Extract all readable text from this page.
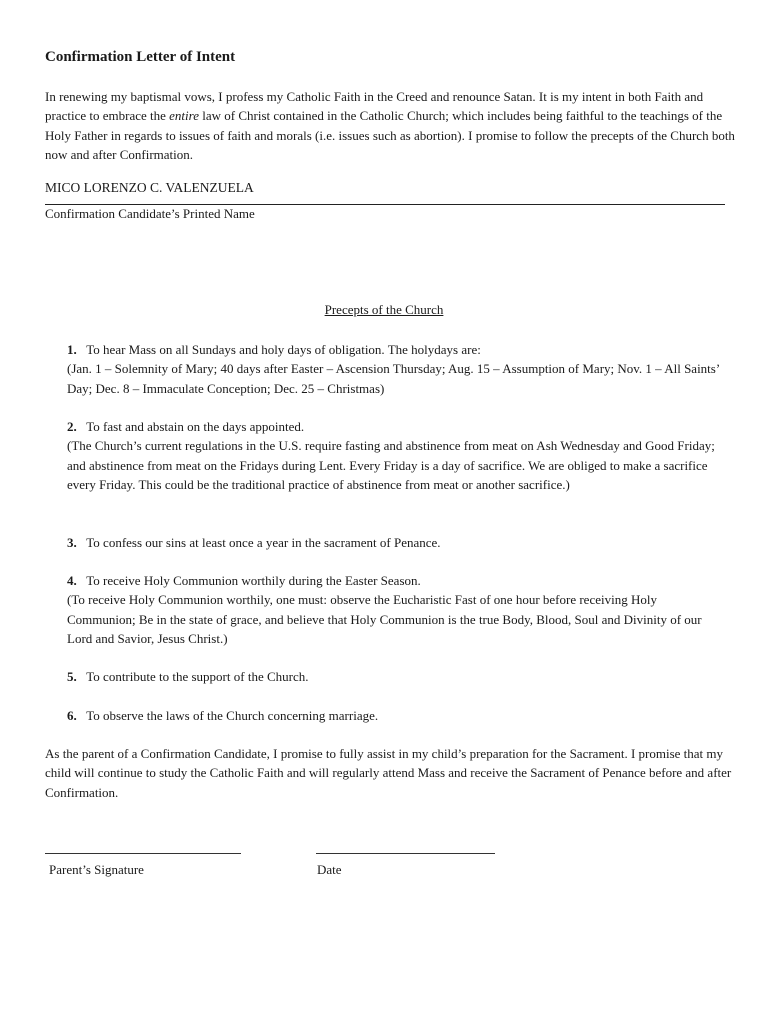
Confirmation Letter of Intent

In renewing my baptismal vows, I profess my Catholic Faith in the Creed and renounce Satan. It is my intent in both Faith and practice to embrace the entire law of Christ contained in the Catholic Church; which includes being faithful to the teachings of the Holy Father in regards to issues of faith and morals (i.e. issues such as abortion). I promise to follow the precepts of the Church both now and after Confirmation.

MICO LORENZO C. VALENZUELA
Confirmation Candidate’s Printed Name
Precepts of the Church

1. To hear Mass on all Sundays and holy days of obligation. The holydays are:
(Jan. 1 – Solemnity of Mary; 40 days after Easter – Ascension Thursday; Aug. 15 – Assumption of Mary; Nov. 1 – All Saints’ Day; Dec. 8 – Immaculate Conception; Dec. 25 – Christmas)

2. To fast and abstain on the days appointed.
(The Church’s current regulations in the U.S. require fasting and abstinence from meat on Ash Wednesday and Good Friday; and abstinence from meat on the Fridays during Lent. Every Friday is a day of sacrifice. We are obliged to make a sacrifice every Friday. This could be the traditional practice of abstinence from meat or another sacrifice.)

3. To confess our sins at least once a year in the sacrament of Penance.

4. To receive Holy Communion worthily during the Easter Season.
(To receive Holy Communion worthily, one must: observe the Eucharistic Fast of one hour before receiving Holy Communion; Be in the state of grace, and believe that Holy Communion is the true Body, Blood, Soul and Divinity of our Lord and Savior, Jesus Christ.)

5. To contribute to the support of the Church.

6. To observe the laws of the Church concerning marriage.

As the parent of a Confirmation Candidate, I promise to fully assist in my child’s preparation for the Sacrament. I promise that my child will continue to study the Catholic Faith and will regularly attend Mass and receive the Sacrament of Penance before and after Confirmation.

Parent’s Signature	Date
